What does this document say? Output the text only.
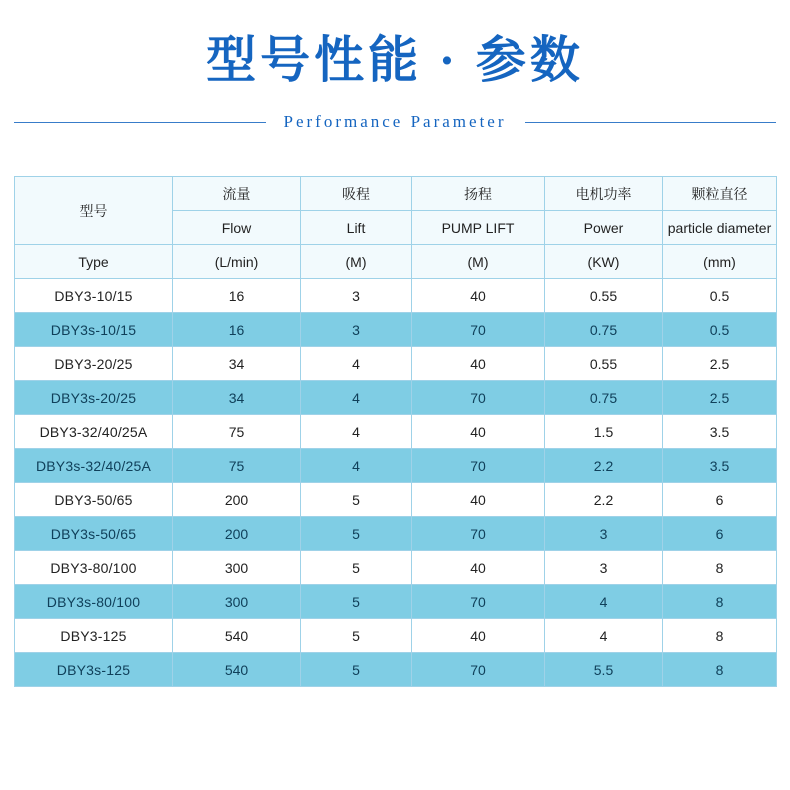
型号性能 · 参数
Performance Parameter
型号	流量	吸程	扬程	电机功率	颗粒直径
	Flow	Lift	PUMP LIFT	Power	particle diameter
Type	(L/min)	(M)	(M)	(KW)	(mm)
DBY3-10/15	16	3	40	0.55	0.5
DBY3s-10/15	16	3	70	0.75	0.5
DBY3-20/25	34	4	40	0.55	2.5
DBY3s-20/25	34	4	70	0.75	2.5
DBY3-32/40/25A	75	4	40	1.5	3.5
DBY3s-32/40/25A	75	4	70	2.2	3.5
DBY3-50/65	200	5	40	2.2	6
DBY3s-50/65	200	5	70	3	6
DBY3-80/100	300	5	40	3	8
DBY3s-80/100	300	5	70	4	8
DBY3-125	540	5	40	4	8
DBY3s-125	540	5	70	5.5	8
